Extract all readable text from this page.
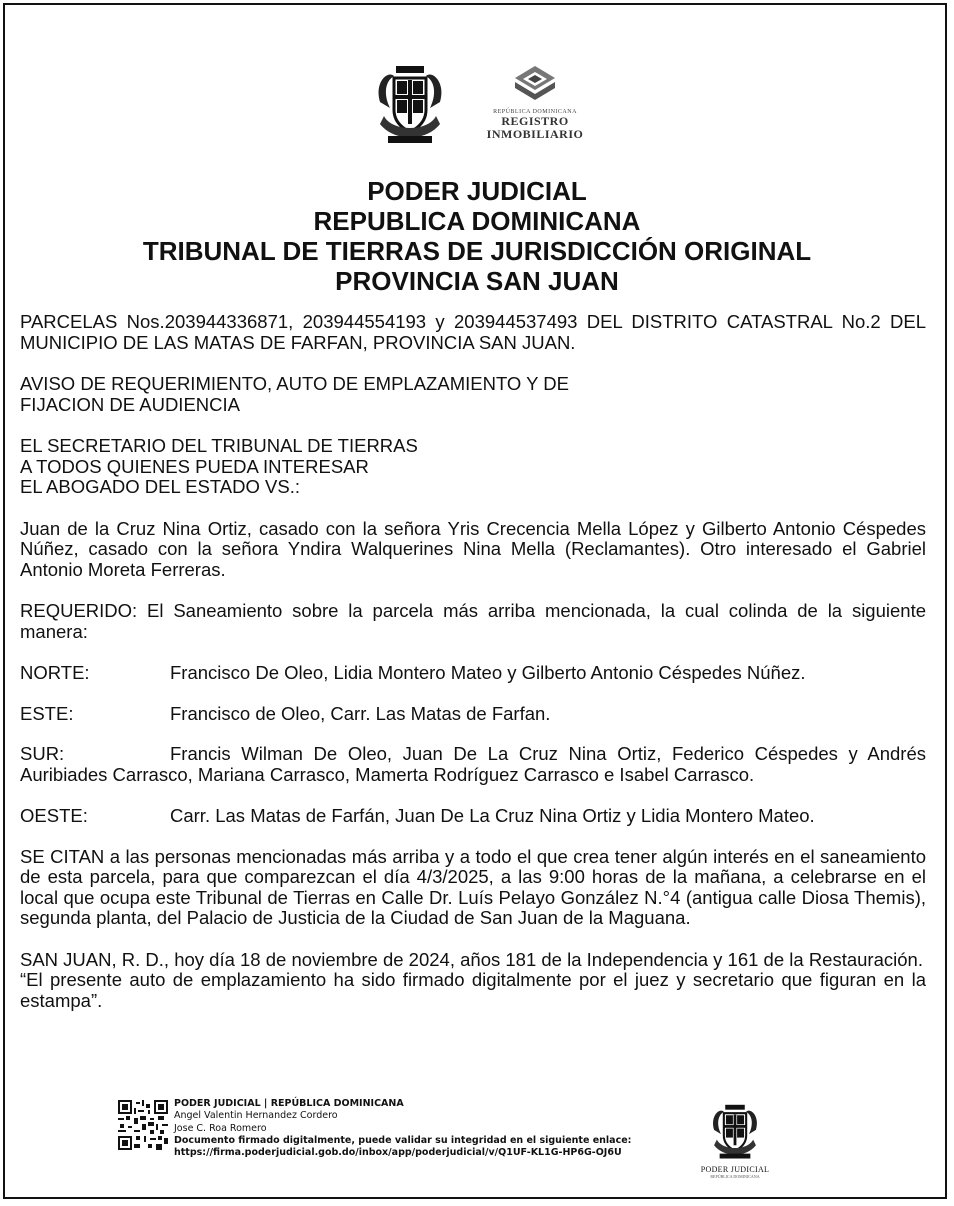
REPÚBLICA DOMINICANA
REGISTRO
INMOBILIARIO
PODER JUDICIAL
REPUBLICA DOMINICANA
TRIBUNAL DE TIERRAS DE JURISDICCIÓN ORIGINAL
PROVINCIA SAN JUAN

PARCELAS Nos.203944336871, 203944554193 y 203944537493 DEL DISTRITO CATASTRAL No.2 DEL MUNICIPIO DE LAS MATAS DE FARFAN, PROVINCIA SAN JUAN.

AVISO DE REQUERIMIENTO, AUTO DE EMPLAZAMIENTO Y DE
FIJACION DE AUDIENCIA

EL SECRETARIO DEL TRIBUNAL DE TIERRAS
A TODOS QUIENES PUEDA INTERESAR
EL ABOGADO DEL ESTADO VS.:

Juan de la Cruz Nina Ortiz, casado con la señora Yris Crecencia Mella López y Gilberto Antonio Céspedes Núñez, casado con la señora Yndira Walquerines Nina Mella (Reclamantes). Otro interesado el Gabriel Antonio Moreta Ferreras.

REQUERIDO: El Saneamiento sobre la parcela más arriba mencionada, la cual colinda de la siguiente manera:

NORTE:	Francisco De Oleo, Lidia Montero Mateo y Gilberto Antonio Céspedes Núñez.
ESTE:	Francisco de Oleo, Carr. Las Matas de Farfan.

SUR:	Francis Wilman De Oleo, Juan De La Cruz Nina Ortiz, Federico Céspedes y Andrés Auribiades Carrasco, Mariana Carrasco, Mamerta Rodríguez Carrasco e Isabel Carrasco.

OESTE:	Carr. Las Matas de Farfán, Juan De La Cruz Nina Ortiz y Lidia Montero Mateo.

SE CITAN a las personas mencionadas más arriba y a todo el que crea tener algún interés en el saneamiento de esta parcela, para que comparezcan el día 4/3/2025, a las 9:00 horas de la mañana, a celebrarse en el local que ocupa este Tribunal de Tierras en Calle Dr. Luís Pelayo González N.°4 (antigua calle Diosa Themis), segunda planta, del Palacio de Justicia de la Ciudad de San Juan de la Maguana.

SAN JUAN, R. D., hoy día 18 de noviembre de 2024, años 181 de la Independencia y 161 de la Restauración.

“El presente auto de emplazamiento ha sido firmado digitalmente por el juez y secretario que figuran en la estampa”.

PODER JUDICIAL | REPÚBLICA DOMINICANA
Angel Valentin Hernandez Cordero
Jose C. Roa Romero
Documento firmado digitalmente, puede validar su integridad en el siguiente enlace:
https://firma.poderjudicial.gob.do/inbox/app/poderjudicial/v/Q1UF-KL1G-HP6G-OJ6U
PODER JUDICIAL
REPÚBLICA DOMINICANA
